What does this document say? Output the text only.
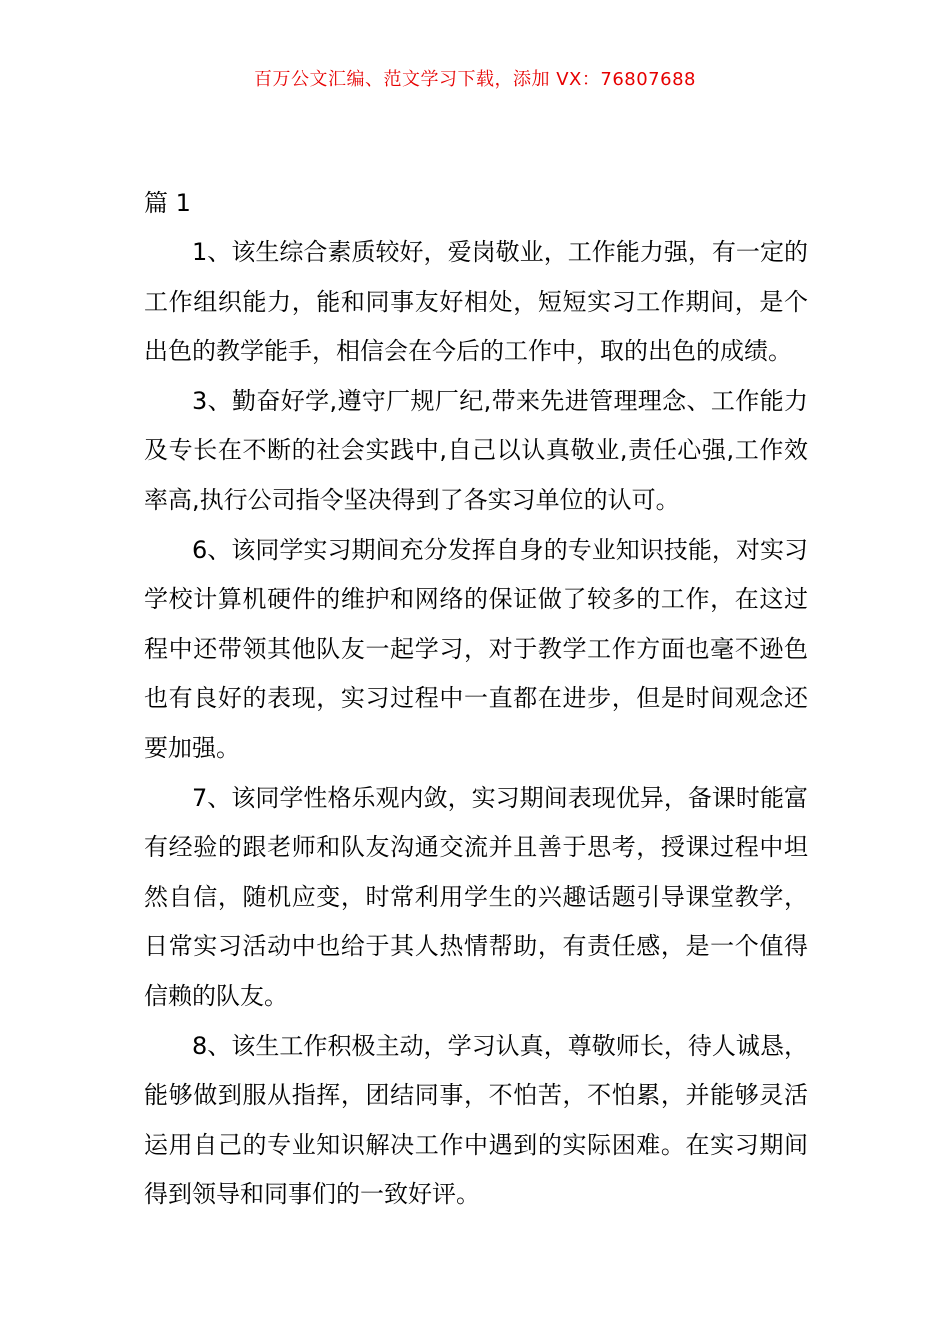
百万公文汇编、范文学习下载，添加 VX：76807688

篇 1

1、该生综合素质较好，爱岗敬业，工作能力强，有一定的工作组织能力，能和同事友好相处，短短实习工作期间，是个出色的教学能手，相信会在今后的工作中，取的出色的成绩。

3、勤奋好学,遵守厂规厂纪,带来先进管理理念、工作能力及专长在不断的社会实践中,自己以认真敬业,责任心强,工作效率高,执行公司指令坚决得到了各实习单位的认可。

6、该同学实习期间充分发挥自身的专业知识技能，对实习学校计算机硬件的维护和网络的保证做了较多的工作，在这过程中还带领其他队友一起学习，对于教学工作方面也毫不逊色也有良好的表现，实习过程中一直都在进步，但是时间观念还要加强。

7、该同学性格乐观内敛，实习期间表现优异，备课时能富有经验的跟老师和队友沟通交流并且善于思考，授课过程中坦然自信，随机应变，时常利用学生的兴趣话题引导课堂教学，日常实习活动中也给于其人热情帮助，有责任感，是一个值得信赖的队友。

8、该生工作积极主动，学习认真，尊敬师长，待人诚恳，能够做到服从指挥，团结同事，不怕苦，不怕累，并能够灵活运用自己的专业知识解决工作中遇到的实际困难。在实习期间得到领导和同事们的一致好评。
